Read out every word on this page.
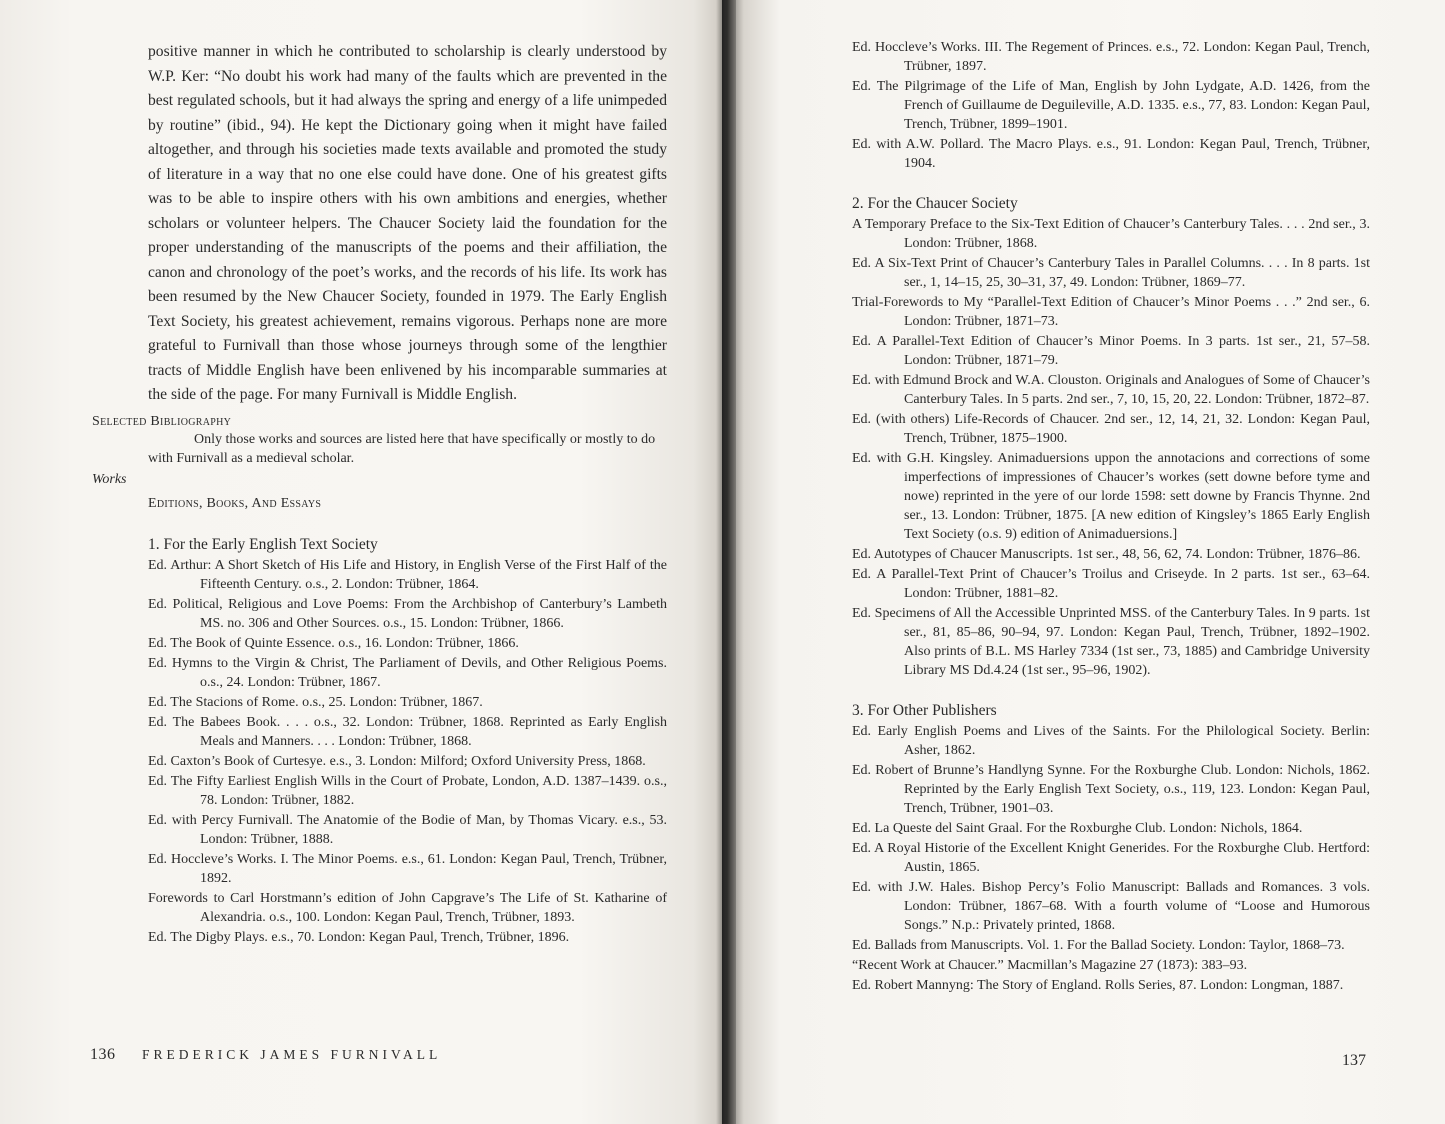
positive manner in which he contributed to scholarship is clearly understood by W.P. Ker: “No doubt his work had many of the faults which are prevented in the best regulated schools, but it had always the spring and energy of a life unimpeded by routine” (ibid., 94). He kept the Dictionary going when it might have failed altogether, and through his societies made texts available and promoted the study of literature in a way that no one else could have done. One of his greatest gifts was to be able to inspire others with his own ambitions and energies, whether scholars or volunteer helpers. The Chaucer Society laid the foundation for the proper understanding of the manuscripts of the poems and their affiliation, the canon and chronology of the poet’s works, and the records of his life. Its work has been resumed by the New Chaucer Society, founded in 1979. The Early English Text Society, his greatest achievement, remains vigorous. Perhaps none are more grateful to Furnivall than those whose journeys through some of the lengthier tracts of Middle English have been enlivened by his incomparable summaries at the side of the page. For many Furnivall is Middle English.

Selected Bibliography

Only those works and sources are listed here that have specifically or mostly to do with Furnivall as a medieval scholar.

Works
Editions, Books, And Essays
1. For the Early English Text Society

Ed. Arthur: A Short Sketch of His Life and History, in English Verse of the First Half of the Fifteenth Century. o.s., 2. London: Trübner, 1864.

Ed. Political, Religious and Love Poems: From the Archbishop of Canterbury’s Lambeth MS. no. 306 and Other Sources. o.s., 15. London: Trübner, 1866.

Ed. The Book of Quinte Essence. o.s., 16. London: Trübner, 1866.

Ed. Hymns to the Virgin & Christ, The Parliament of Devils, and Other Religious Poems. o.s., 24. London: Trübner, 1867.

Ed. The Stacions of Rome. o.s., 25. London: Trübner, 1867.

Ed. The Babees Book. . . . o.s., 32. London: Trübner, 1868. Reprinted as Early English Meals and Manners. . . . London: Trübner, 1868.

Ed. Caxton’s Book of Curtesye. e.s., 3. London: Milford; Oxford University Press, 1868.

Ed. The Fifty Earliest English Wills in the Court of Probate, London, A.D. 1387–1439. o.s., 78. London: Trübner, 1882.

Ed. with Percy Furnivall. The Anatomie of the Bodie of Man, by Thomas Vicary. e.s., 53. London: Trübner, 1888.

Ed. Hoccleve’s Works. I. The Minor Poems. e.s., 61. London: Kegan Paul, Trench, Trübner, 1892.

Forewords to Carl Horstmann’s edition of John Capgrave’s The Life of St. Katharine of Alexandria. o.s., 100. London: Kegan Paul, Trench, Trübner, 1893.

Ed. The Digby Plays. e.s., 70. London: Kegan Paul, Trench, Trübner, 1896.

136 FREDERICK JAMES FURNIVALL

Ed. Hoccleve’s Works. III. The Regement of Princes. e.s., 72. London: Kegan Paul, Trench, Trübner, 1897.

Ed. The Pilgrimage of the Life of Man, English by John Lydgate, A.D. 1426, from the French of Guillaume de Deguileville, A.D. 1335. e.s., 77, 83. London: Kegan Paul, Trench, Trübner, 1899–1901.

Ed. with A.W. Pollard. The Macro Plays. e.s., 91. London: Kegan Paul, Trench, Trübner, 1904.

2. For the Chaucer Society

A Temporary Preface to the Six-Text Edition of Chaucer’s Canterbury Tales. . . . 2nd ser., 3. London: Trübner, 1868.

Ed. A Six-Text Print of Chaucer’s Canterbury Tales in Parallel Columns. . . . In 8 parts. 1st ser., 1, 14–15, 25, 30–31, 37, 49. London: Trübner, 1869–77.

Trial-Forewords to My “Parallel-Text Edition of Chaucer’s Minor Poems . . .” 2nd ser., 6. London: Trübner, 1871–73.

Ed. A Parallel-Text Edition of Chaucer’s Minor Poems. In 3 parts. 1st ser., 21, 57–58. London: Trübner, 1871–79.

Ed. with Edmund Brock and W.A. Clouston. Originals and Analogues of Some of Chaucer’s Canterbury Tales. In 5 parts. 2nd ser., 7, 10, 15, 20, 22. London: Trübner, 1872–87.

Ed. (with others) Life-Records of Chaucer. 2nd ser., 12, 14, 21, 32. London: Kegan Paul, Trench, Trübner, 1875–1900.

Ed. with G.H. Kingsley. Animaduersions uppon the annotacions and corrections of some imperfections of impressiones of Chaucer’s workes (sett downe before tyme and nowe) reprinted in the yere of our lorde 1598: sett downe by Francis Thynne. 2nd ser., 13. London: Trübner, 1875. [A new edition of Kingsley’s 1865 Early English Text Society (o.s. 9) edition of Animaduersions.]

Ed. Autotypes of Chaucer Manuscripts. 1st ser., 48, 56, 62, 74. London: Trübner, 1876–86.

Ed. A Parallel-Text Print of Chaucer’s Troilus and Criseyde. In 2 parts. 1st ser., 63–64. London: Trübner, 1881–82.

Ed. Specimens of All the Accessible Unprinted MSS. of the Canterbury Tales. In 9 parts. 1st ser., 81, 85–86, 90–94, 97. London: Kegan Paul, Trench, Trübner, 1892–1902. Also prints of B.L. MS Harley 7334 (1st ser., 73, 1885) and Cambridge University Library MS Dd.4.24 (1st ser., 95–96, 1902).

3. For Other Publishers

Ed. Early English Poems and Lives of the Saints. For the Philological Society. Berlin: Asher, 1862.

Ed. Robert of Brunne’s Handlyng Synne. For the Roxburghe Club. London: Nichols, 1862. Reprinted by the Early English Text Society, o.s., 119, 123. London: Kegan Paul, Trench, Trübner, 1901–03.

Ed. La Queste del Saint Graal. For the Roxburghe Club. London: Nichols, 1864.

Ed. A Royal Historie of the Excellent Knight Generides. For the Roxburghe Club. Hertford: Austin, 1865.

Ed. with J.W. Hales. Bishop Percy’s Folio Manuscript: Ballads and Romances. 3 vols. London: Trübner, 1867–68. With a fourth volume of “Loose and Humorous Songs.” N.p.: Privately printed, 1868.

Ed. Ballads from Manuscripts. Vol. 1. For the Ballad Society. London: Taylor, 1868–73.

“Recent Work at Chaucer.” Macmillan’s Magazine 27 (1873): 383–93.

Ed. Robert Mannyng: The Story of England. Rolls Series, 87. London: Longman, 1887.

137
